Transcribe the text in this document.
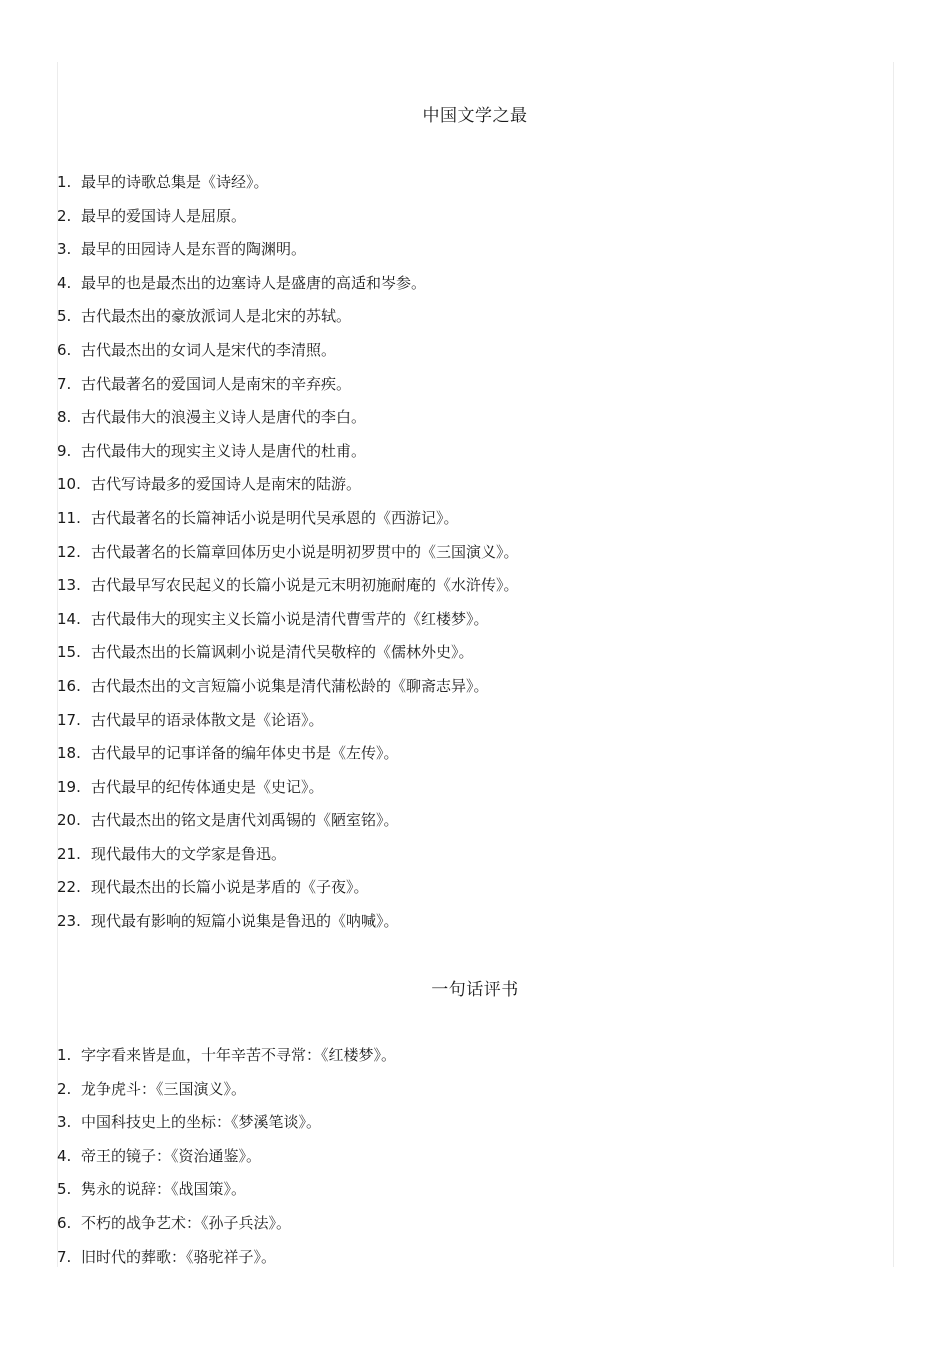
中国文学之最
1. 最早的诗歌总集是《诗经》。
2. 最早的爱国诗人是屈原。
3. 最早的田园诗人是东晋的陶渊明。
4. 最早的也是最杰出的边塞诗人是盛唐的高适和岑参。
5. 古代最杰出的豪放派词人是北宋的苏轼。
6. 古代最杰出的女词人是宋代的李清照。
7. 古代最著名的爱国词人是南宋的辛弃疾。
8. 古代最伟大的浪漫主义诗人是唐代的李白。
9. 古代最伟大的现实主义诗人是唐代的杜甫。
10. 古代写诗最多的爱国诗人是南宋的陆游。
11. 古代最著名的长篇神话小说是明代吴承恩的《西游记》。
12. 古代最著名的长篇章回体历史小说是明初罗贯中的《三国演义》。
13. 古代最早写农民起义的长篇小说是元末明初施耐庵的《水浒传》。
14. 古代最伟大的现实主义长篇小说是清代曹雪芹的《红楼梦》。
15. 古代最杰出的长篇讽刺小说是清代吴敬梓的《儒林外史》。
16. 古代最杰出的文言短篇小说集是清代蒲松龄的《聊斋志异》。
17. 古代最早的语录体散文是《论语》。
18. 古代最早的记事详备的编年体史书是《左传》。
19. 古代最早的纪传体通史是《史记》。
20. 古代最杰出的铭文是唐代刘禹锡的《陋室铭》。
21. 现代最伟大的文学家是鲁迅。
22. 现代最杰出的长篇小说是茅盾的《子夜》。
23. 现代最有影响的短篇小说集是鲁迅的《呐喊》。
一句话评书
1. 字字看来皆是血，十年辛苦不寻常：《红楼梦》。
2. 龙争虎斗：《三国演义》。
3. 中国科技史上的坐标：《梦溪笔谈》。
4. 帝王的镜子：《资治通鉴》。
5. 隽永的说辞：《战国策》。
6. 不朽的战争艺术：《孙子兵法》。
7. 旧时代的葬歌：《骆驼祥子》。
